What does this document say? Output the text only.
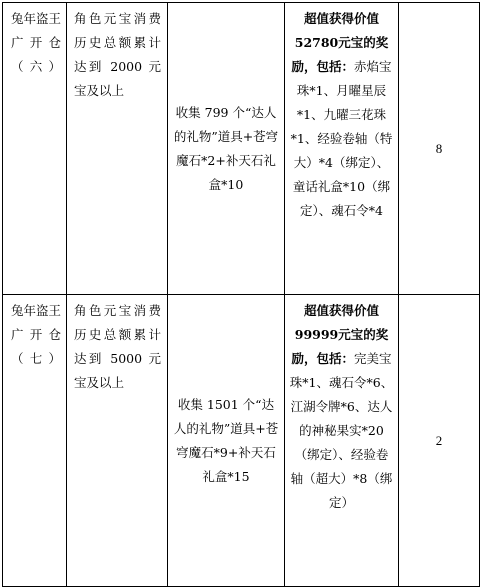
兔年盗王广开仓（六）	角色元宝消费历史总额累计达到 2000 元宝及以上	收集 799 个“达人的礼物”道具+苍穹魔石*2+补天石礼盒*10	超值获得价值52780元宝的奖励，包括：赤焰宝珠*1、月曜星辰*1、九曜三花珠*1、经验卷轴（特大）*4（绑定）、童话礼盒*10（绑定）、魂石令*4	8
兔年盗王广开仓（七）	角色元宝消费历史总额累计达到 5000 元宝及以上	收集 1501 个“达人的礼物”道具+苍穹魔石*9+补天石礼盒*15	超值获得价值99999元宝的奖励，包括：完美宝珠*1、魂石令*6、江湖令牌*6、达人的神秘果实*20（绑定）、经验卷轴（超大）*8（绑定）	2
